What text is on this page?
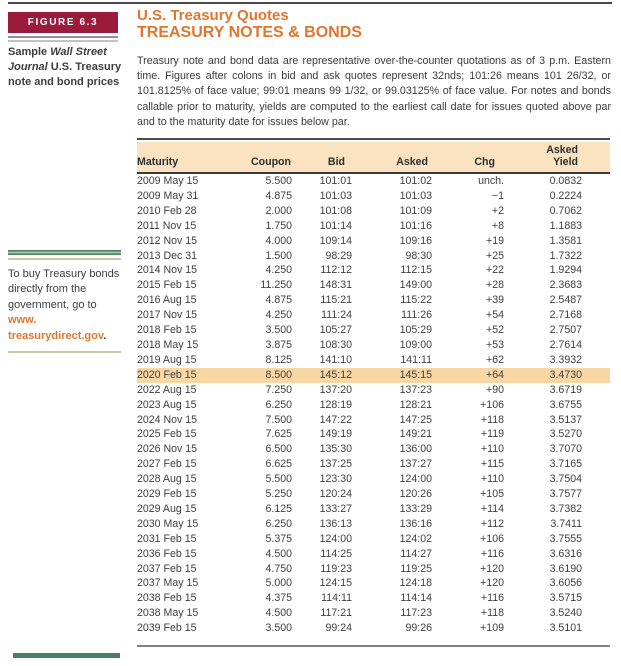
FIGURE 6.3

Sample Wall Street Journal U.S. Treasury note and bond prices

To buy Treasury bonds directly from the government, go to
www.
treasurydirect.gov.

U.S. Treasury Quotes
TREASURY NOTES & BONDS

Treasury note and bond data are representative over-the-counter quotations as of 3 p.m. Eastern time. Figures after colons in bid and ask quotes represent 32nds; 101:26 means 101 26/32, or 101.8125% of face value; 99:01 means 99 1/32, or 99.03125% of face value. For notes and bonds callable prior to maturity, yields are computed to the earliest call date for issues quoted above par and to the maturity date for issues below par.

Maturity	Coupon	Bid	Asked	Chg	Asked
Yield

2009 May 15	5.500	101:01	101:02	unch.	0.0832
2009 May 31	4.875	101:03	101:03	−1	0.2224
2010 Feb 28	2.000	101:08	101:09	+2	0.7062
2011 Nov 15	1.750	101:14	101:16	+8	1.1883
2012 Nov 15	4.000	109:14	109:16	+19	1.3581
2013 Dec 31	1.500	98:29	98:30	+25	1.7322
2014 Nov 15	4.250	112:12	112:15	+22	1.9294
2015 Feb 15	11.250	148:31	149:00	+28	2.3683
2016 Aug 15	4.875	115:21	115:22	+39	2.5487
2017 Nov 15	4.250	111:24	111:26	+54	2.7168
2018 Feb 15	3.500	105:27	105:29	+52	2.7507
2018 May 15	3.875	108:30	109:00	+53	2.7614
2019 Aug 15	8.125	141:10	141:11	+62	3.3932
2020 Feb 15	8.500	145:12	145:15	+64	3.4730
2022 Aug 15	7.250	137:20	137:23	+90	3.6719
2023 Aug 15	6.250	128:19	128:21	+106	3.6755
2024 Nov 15	7.500	147:22	147:25	+118	3.5137
2025 Feb 15	7.625	149:19	149:21	+119	3.5270
2026 Nov 15	6.500	135:30	136:00	+110	3.7070
2027 Feb 15	6.625	137:25	137:27	+115	3.7165
2028 Aug 15	5.500	123:30	124:00	+110	3.7504
2029 Feb 15	5.250	120:24	120:26	+105	3.7577
2029 Aug 15	6.125	133:27	133:29	+114	3.7382
2030 May 15	6.250	136:13	136:16	+112	3.7411
2031 Feb 15	5.375	124:00	124:02	+106	3.7555
2036 Feb 15	4.500	114:25	114:27	+116	3.6316
2037 Feb 15	4.750	119:23	119:25	+120	3.6190
2037 May 15	5.000	124:15	124:18	+120	3.6056
2038 Feb 15	4.375	114:11	114:14	+116	3.5715
2038 May 15	4.500	117:21	117:23	+118	3.5240
2039 Feb 15	3.500	99:24	99:26	+109	3.5101
